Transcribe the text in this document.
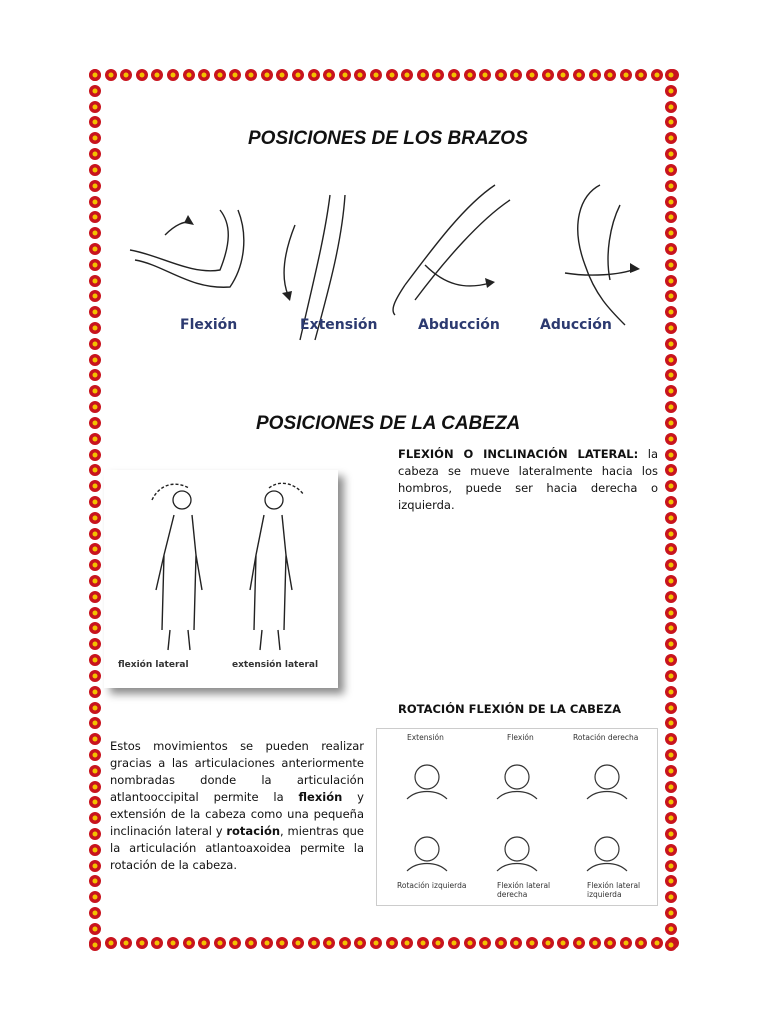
POSICIONES DE LOS BRAZOS
Flexión	Extensión	Abducción	Aducción
POSICIONES DE LA CABEZA
FLEXIÓN O INCLINACIÓN LATERAL: la cabeza se mueve lateralmente hacia los hombros, puede ser hacia derecha o izquierda.
flexión lateral	extensión lateral
ROTACIÓN FLEXIÓN DE LA CABEZA
Extensión	Flexión	Rotación derecha
Rotación izquierda	Flexión lateral derecha
Flexión lateral izquierda
Estos movimientos se pueden realizar gracias a las articulaciones anteriormente nombradas donde la articulación atlantooccipital permite la flexión y extensión de la cabeza como una pequeña inclinación lateral y rotación, mientras que la articulación atlantoaxoidea permite la rotación de la cabeza.
